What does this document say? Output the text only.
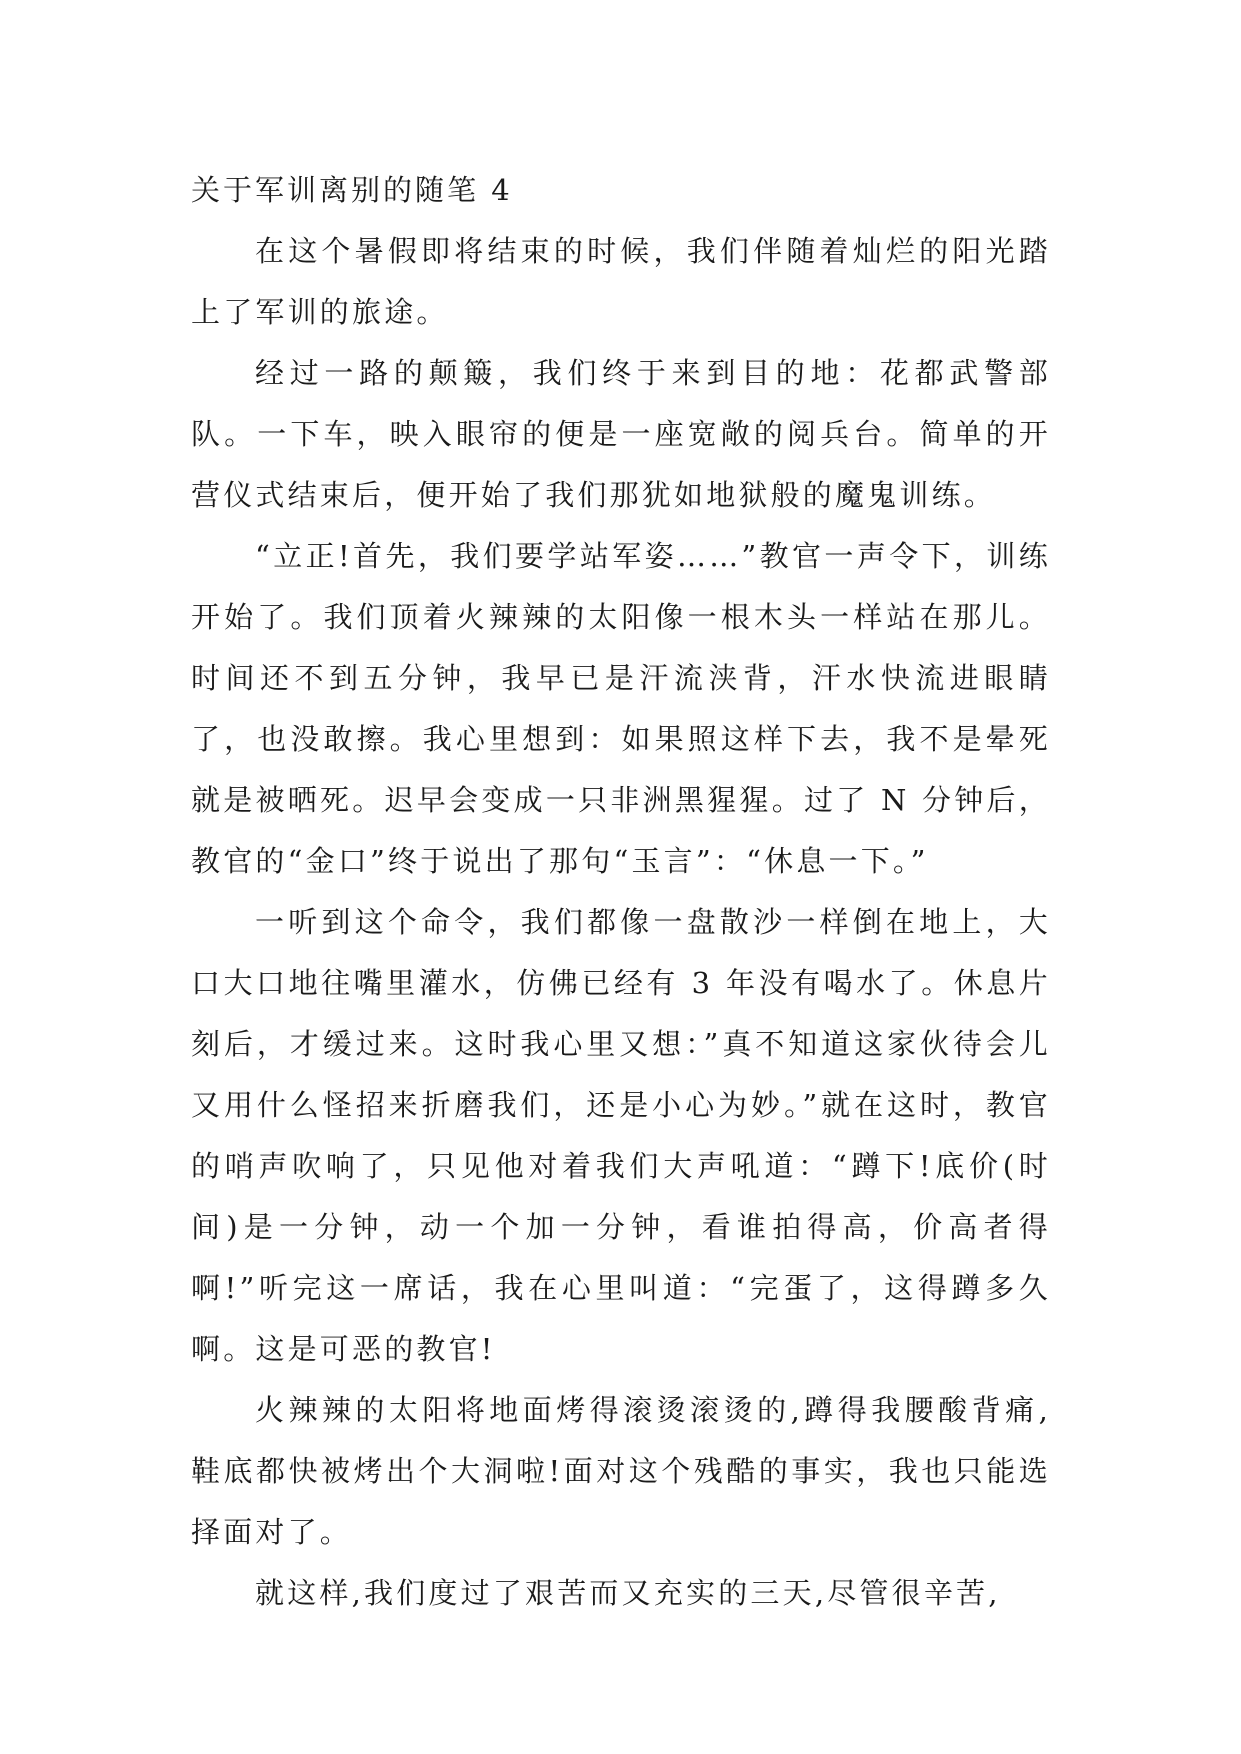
关于军训离别的随笔 4

在这个暑假即将结束的时候，我们伴随着灿烂的阳光踏上了军训的旅途。

经过一路的颠簸，我们终于来到目的地：花都武警部队。一下车，映入眼帘的便是一座宽敞的阅兵台。简单的开营仪式结束后，便开始了我们那犹如地狱般的魔鬼训练。

“立正!首先，我们要学站军姿……”教官一声令下，训练开始了。我们顶着火辣辣的太阳像一根木头一样站在那儿。时间还不到五分钟，我早已是汗流浃背，汗水快流进眼睛了，也没敢擦。我心里想到：如果照这样下去，我不是晕死就是被晒死。迟早会变成一只非洲黑猩猩。过了 N 分钟后，教官的“金口”终于说出了那句“玉言”：“休息一下。”

一听到这个命令，我们都像一盘散沙一样倒在地上，大口大口地往嘴里灌水，仿佛已经有 3 年没有喝水了。休息片刻后，才缓过来。这时我心里又想：”真不知道这家伙待会儿又用什么怪招来折磨我们，还是小心为妙。”就在这时，教官的哨声吹响了，只见他对着我们大声吼道：“蹲下!底价(时间)是一分钟，动一个加一分钟，看谁拍得高，价高者得啊!”听完这一席话，我在心里叫道：“完蛋了，这得蹲多久啊。这是可恶的教官!

火辣辣的太阳将地面烤得滚烫滚烫的,蹲得我腰酸背痛,鞋底都快被烤出个大洞啦!面对这个残酷的事实，我也只能选择面对了。

就这样,我们度过了艰苦而又充实的三天,尽管很辛苦,
